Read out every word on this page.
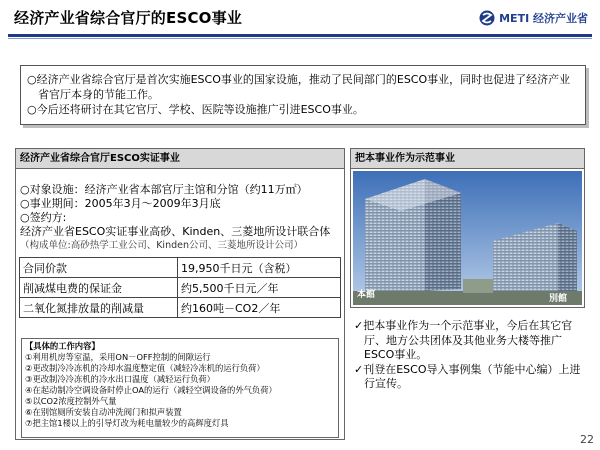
经济产业省综合官厅的ESCO事业	METI 经济产业省

○经济产业省综合官厅是首次实施ESCO事业的国家设施，推动了民间部门的ESCO事业，同时也促进了经济产业省官厅本身的节能工作。

○今后还将研讨在其它官厅、学校、医院等设施推广引进ESCO事业。

经济产业省综合官厅ESCO实证事业
○对象设施：经济产业省本部官厅主馆和分馆（约11万㎡）
○事业期间：2005年3月～2009年3月底
○签约方:
经济产业省ESCO实证事业高砂、Kinden、三菱地所设计联合体
（构成单位:高砂热学工业公司、Kinden公司、三菱地所设计公司）
合同价款	19,950千日元（含税）
削减煤电费的保证金	约5,500千日元／年
二氧化氮排放量的削减量	约160吨－CO2／年
【具体的工作内容】
①利用机房等室温，采用ON－OFF控制的间隙运行
②更改制冷冷冻机的冷却水温度整定值（减轻冷冻机的运行负荷）
③更改制冷冷冻机的冷水出口温度（减轻运行负荷）
④在起动制冷空调设备时停止OA的运行（减轻空调设备的外气负荷）
⑤以CO2浓度控制外气量
⑥在别馆厕所安装自动冲洗阀门和拟声装置
⑦把主馆1楼以上的引导灯改为耗电量较少的高辉度灯具
把本事业作为示范事业
本館	別館

✓把本事业作为一个示范事业，今后在其它官厅、地方公共团体及其他业务大楼等推广ESCO事业。

✓刊登在ESCO导入事例集（节能中心编）上进行宣传。

22
